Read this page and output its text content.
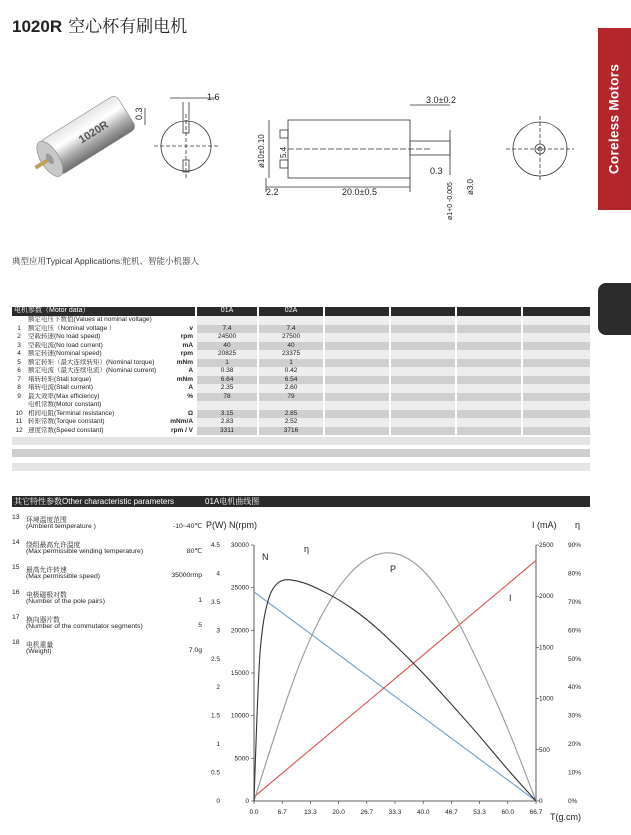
1020R 空心杯有刷电机
Coreless Motors
1020R
1.6
0.3
3.0±0.2
ø10±0.10 5.4
2.2	20.0±0.5
0.3
ø1+0 -0.005 ø3.0
典型应用Typical Applications:舵机、智能小机器人
电机参数（Motor data）			01A	02A				
	额定电压下数值(Values at nominal voltage)							
1	额定电压（Nominal voltage ）	v	7.4	7.4				
2	空载转速(No load speed)	rpm	24500	27500				
3	空载电流(No load current)	mA	40	40				
4	额定转速(Nominal speed)	rpm	20825	23375				
5	额定转矩（最大连续转矩）(Nominal torque)	mNm	1	1				
6	额定电流（最大连续电流）(Nominal current)	A	0.38	0.42				
7	堵转转矩(Stall torque)	mNm	6.64	6.54				
8	堵转电流(Stall current)	A	2.35	2.60				
9	最大效率(Max efficiency)	%	78	79				
	电机常数(Motor constant)							
10	相间电阻(Terminal resistance)	Ω	3.15	2.85				
11	转矩常数(Torque constant)	mNm/A	2.83	2.52				
12	速度常数(Speed constant)	rpm / V	3311	3716				
其它特性参数Other characteristic parameters	01A电机曲线图
13 环境温度范围
(Ambient temperature )	-10~40℃
14 绕组最高允许温度
(Max permissible winding temperature)	80℃
15 最高允许转速
(Max permissible speed)	35000rmp
16 电极磁极对数
(Number of the pole pairs)	1
17 换向器片数
(Number of the commutator segments)	5
18 电机重量
(Weight)	7.0g
0.0	6.7	13.3 20.0 26.7 33.3 40.0 46.7 53.3 60.0 66.7
0
0.5
1
1.5
2
2.5
3
3.5
4
4.5
0
5000
10000
15000
20000
25000
30000
0
500
1000
1500
2000
2500
0%
10%
20%
30%
40%
50%
60%
70%
80%
90%
P(W) N(rpm)	I (mA) η
T(g.cm)
N
η
P
I
